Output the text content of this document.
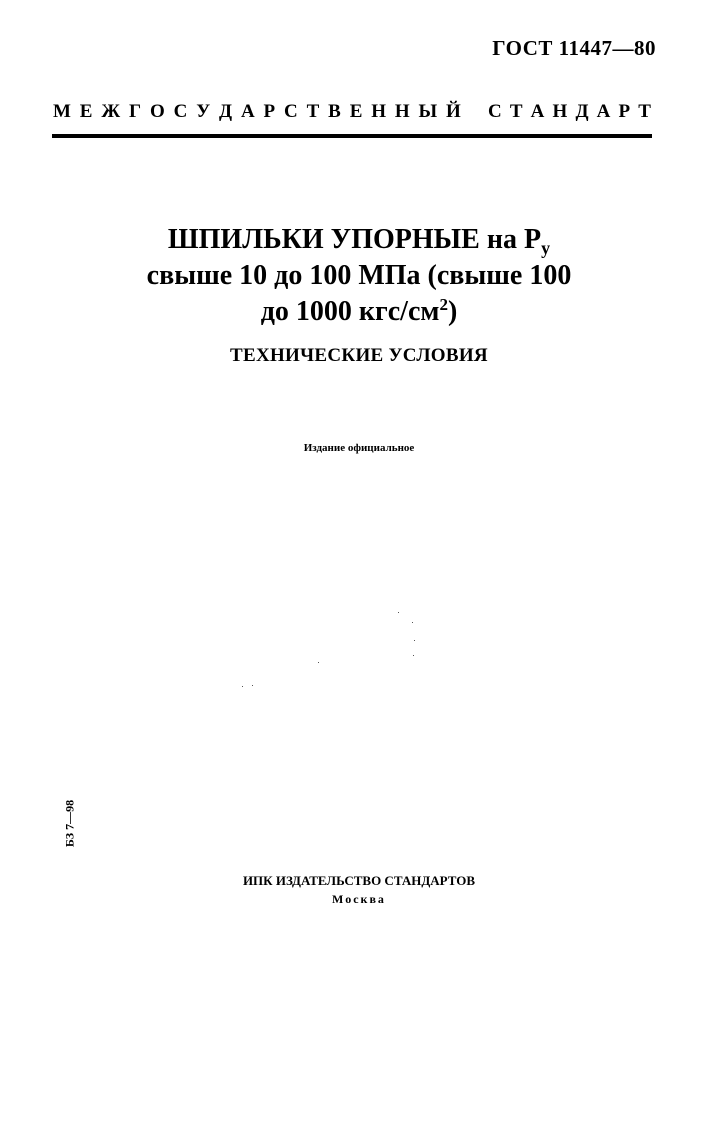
ГОСТ 11447—80
М Е Ж Г О С У Д А Р С Т В Е Н Н Ы Й С Т А Н Д А Р Т
ШПИЛЬКИ УПОРНЫЕ на $Р_у$
свыше 10 до 100 МПа (свыше 100
до 1000 кгс/$см^2$)
ТЕХНИЧЕСКИЕ УСЛОВИЯ
Издание официальное
БЗ 7—98
ИПК ИЗДАТЕЛЬСТВО СТАНДАРТОВ
Москва
